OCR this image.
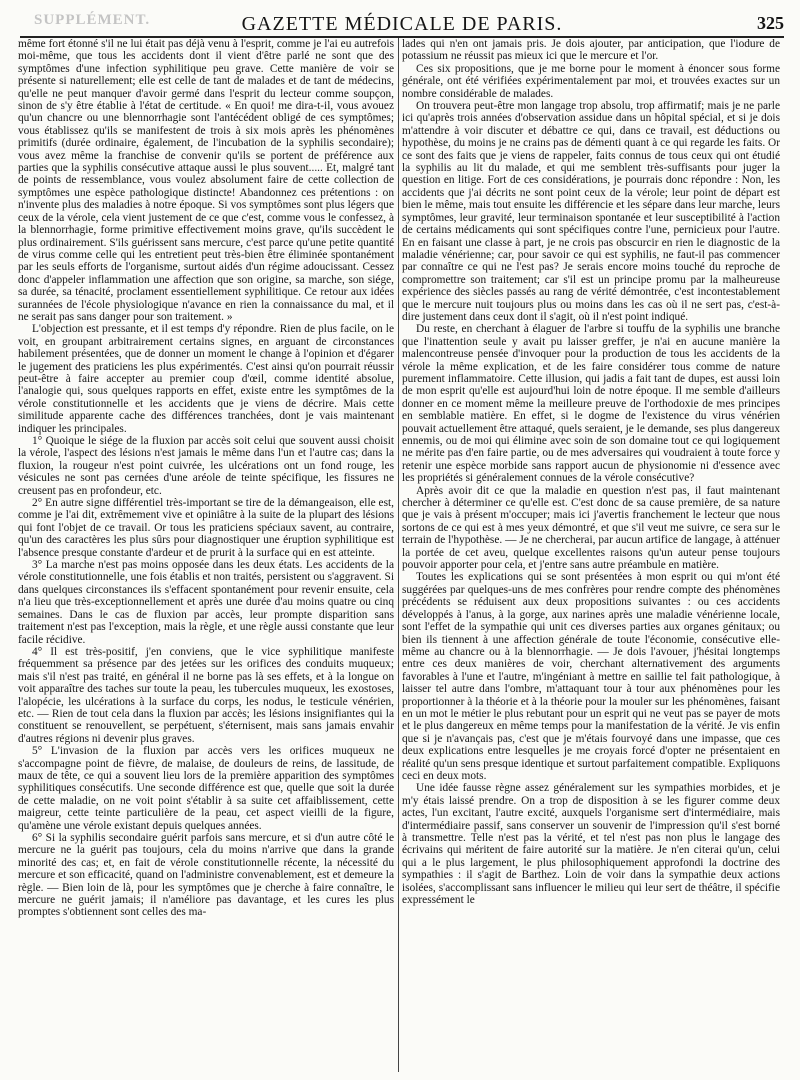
SUPPLÉMENT.	GAZETTE MÉDICALE DE PARIS.	325

même fort étonné s'il ne lui était pas déjà venu à l'esprit, comme je l'ai eu autrefois moi-même, que tous les accidents dont il vient d'être parlé ne sont que des symptômes d'une infection syphilitique peu grave. Cette manière de voir se présente si naturellement; elle est celle de tant de malades et de tant de médecins, qu'elle ne peut manquer d'avoir germé dans l'esprit du lecteur comme soupçon, sinon de s'y être établie à l'état de certitude. « En quoi! me dira-t-il, vous avouez qu'un chancre ou une blennorrhagie sont l'antécédent obligé de ces symptômes; vous établissez qu'ils se manifestent de trois à six mois après les phénomènes primitifs (durée ordinaire, également, de l'incubation de la syphilis secondaire); vous avez même la franchise de convenir qu'ils se portent de préférence aux parties que la syphilis consécutive attaque aussi le plus souvent..... Et, malgré tant de points de ressemblance, vous voulez absolument faire de cette collection de symptômes une espèce pathologique distincte! Abandonnez ces prétentions : on n'invente plus des maladies à notre époque. Si vos symptômes sont plus légers que ceux de la vérole, cela vient justement de ce que c'est, comme vous le confessez, à la blennorrhagie, forme primitive effectivement moins grave, qu'ils succèdent le plus ordinairement. S'ils guérissent sans mercure, c'est parce qu'une petite quantité de virus comme celle qui les entretient peut très-bien être éliminée spontanément par les seuls efforts de l'organisme, surtout aidés d'un régime adoucissant. Cessez donc d'appeler inflammation une affection que son origine, sa marche, son siége, sa durée, sa ténacité, proclament essentiellement syphilitique. Ce retour aux idées surannées de l'école physiologique n'avance en rien la connaissance du mal, et il ne serait pas sans danger pour son traitement. »

L'objection est pressante, et il est temps d'y répondre. Rien de plus facile, on le voit, en groupant arbitrairement certains signes, en arguant de circonstances habilement présentées, que de donner un moment le change à l'opinion et d'égarer le jugement des praticiens les plus expérimentés. C'est ainsi qu'on pourrait réussir peut-être à faire accepter au premier coup d'œil, comme identité absolue, l'analogie qui, sous quelques rapports en effet, existe entre les symptômes de la vérole constitutionnelle et les accidents que je viens de décrire. Mais cette similitude apparente cache des différences tranchées, dont je vais maintenant indiquer les principales.

1° Quoique le siége de la fluxion par accès soit celui que souvent aussi choisit la vérole, l'aspect des lésions n'est jamais le même dans l'un et l'autre cas; dans la fluxion, la rougeur n'est point cuivrée, les ulcérations ont un fond rouge, les vésicules ne sont pas cernées d'une aréole de teinte spécifique, les fissures ne creusent pas en profondeur, etc.

2° En autre signe différentiel très-important se tire de la démangeaison, elle est, comme je l'ai dit, extrêmement vive et opiniâtre à la suite de la plupart des lésions qui font l'objet de ce travail. Or tous les praticiens spéciaux savent, au contraire, qu'un des caractères les plus sûrs pour diagnostiquer une éruption syphilitique est l'absence presque constante d'ardeur et de prurit à la surface qui en est atteinte.

3° La marche n'est pas moins opposée dans les deux états. Les accidents de la vérole constitutionnelle, une fois établis et non traités, persistent ou s'aggravent. Si dans quelques circonstances ils s'effacent spontanément pour revenir ensuite, cela n'a lieu que très-exceptionnellement et après une durée d'au moins quatre ou cinq semaines. Dans le cas de fluxion par accès, leur prompte disparition sans traitement n'est pas l'exception, mais la règle, et une règle aussi constante que leur facile récidive.

4° Il est très-positif, j'en conviens, que le vice syphilitique manifeste fréquemment sa présence par des jetées sur les orifices des conduits muqueux; mais s'il n'est pas traité, en général il ne borne pas là ses effets, et à la longue on voit apparaître des taches sur toute la peau, les tubercules muqueux, les exostoses, l'alopécie, les ulcérations à la surface du corps, les nodus, le testicule vénérien, etc. — Rien de tout cela dans la fluxion par accès; les lésions insignifiantes qui la constituent se renouvellent, se perpétuent, s'éternisent, mais sans jamais envahir d'autres régions ni devenir plus graves.

5° L'invasion de la fluxion par accès vers les orifices muqueux ne s'accompagne point de fièvre, de malaise, de douleurs de reins, de lassitude, de maux de tête, ce qui a souvent lieu lors de la première apparition des symptômes syphilitiques consécutifs. Une seconde différence est que, quelle que soit la durée de cette maladie, on ne voit point s'établir à sa suite cet affaiblissement, cette maigreur, cette teinte particulière de la peau, cet aspect vieilli de la figure, qu'amène une vérole existant depuis quelques années.

6° Si la syphilis secondaire guérit parfois sans mercure, et si d'un autre côté le mercure ne la guérit pas toujours, cela du moins n'arrive que dans la grande minorité des cas; et, en fait de vérole constitutionnelle récente, la nécessité du mercure et son efficacité, quand on l'administre convenablement, est et demeure la règle. — Bien loin de là, pour les symptômes que je cherche à faire connaître, le mercure ne guérit jamais; il n'améliore pas davantage, et les cures les plus promptes s'obtiennent sont celles des ma-

lades qui n'en ont jamais pris. Je dois ajouter, par anticipation, que l'iodure de potassium ne réussit pas mieux ici que le mercure et l'or.

Ces six propositions, que je me borne pour le moment à énoncer sous forme générale, ont été vérifiées expérimentalement par moi, et trouvées exactes sur un nombre considérable de malades.

On trouvera peut-être mon langage trop absolu, trop affirmatif; mais je ne parle ici qu'après trois années d'observation assidue dans un hôpital spécial, et si je dois m'attendre à voir discuter et débattre ce qui, dans ce travail, est déductions ou hypothèse, du moins je ne crains pas de démenti quant à ce qui regarde les faits. Or ce sont des faits que je viens de rappeler, faits connus de tous ceux qui ont étudié la syphilis au lit du malade, et qui me semblent très-suffisants pour juger la question en litige. Fort de ces considérations, je pourrais donc répondre : Non, les accidents que j'ai décrits ne sont point ceux de la vérole; leur point de départ est bien le même, mais tout ensuite les différencie et les sépare dans leur marche, leurs symptômes, leur gravité, leur terminaison spontanée et leur susceptibilité à l'action de certains médicaments qui sont spécifiques contre l'une, pernicieux pour l'autre. En en faisant une classe à part, je ne crois pas obscurcir en rien le diagnostic de la maladie vénérienne; car, pour savoir ce qui est syphilis, ne faut-il pas commencer par connaître ce qui ne l'est pas? Je serais encore moins touché du reproche de compromettre son traitement; car s'il est un principe promu par la malheureuse expérience des siècles passés au rang de vérité démontrée, c'est incontestablement que le mercure nuit toujours plus ou moins dans les cas où il ne sert pas, c'est-à-dire justement dans ceux dont il s'agit, où il n'est point indiqué.

Du reste, en cherchant à élaguer de l'arbre si touffu de la syphilis une branche que l'inattention seule y avait pu laisser greffer, je n'ai en aucune manière la malencontreuse pensée d'invoquer pour la production de tous les accidents de la vérole la même explication, et de les faire considérer tous comme de nature purement inflammatoire. Cette illusion, qui jadis a fait tant de dupes, est aussi loin de mon esprit qu'elle est aujourd'hui loin de notre époque. Il me semble d'ailleurs donner en ce moment même la meilleure preuve de l'orthodoxie de mes principes en semblable matière. En effet, si le dogme de l'existence du virus vénérien pouvait actuellement être attaqué, quels seraient, je le demande, ses plus dangereux ennemis, ou de moi qui élimine avec soin de son domaine tout ce qui logiquement ne mérite pas d'en faire partie, ou de mes adversaires qui voudraient à toute force y retenir une espèce morbide sans rapport aucun de physionomie ni d'essence avec les propriétés si généralement connues de la vérole consécutive?

Après avoir dit ce que la maladie en question n'est pas, il faut maintenant chercher à déterminer ce qu'elle est. C'est donc de sa cause première, de sa nature que je vais à présent m'occuper; mais ici j'avertis franchement le lecteur que nous sortons de ce qui est à mes yeux démontré, et que s'il veut me suivre, ce sera sur le terrain de l'hypothèse. — Je ne chercherai, par aucun artifice de langage, à atténuer la portée de cet aveu, quelque excellentes raisons qu'un auteur pense toujours pouvoir apporter pour cela, et j'entre sans autre préambule en matière.

Toutes les explications qui se sont présentées à mon esprit ou qui m'ont été suggérées par quelques-uns de mes confrères pour rendre compte des phénomènes précédents se réduisent aux deux propositions suivantes : ou ces accidents développés à l'anus, à la gorge, aux narines après une maladie vénérienne locale, sont l'effet de la sympathie qui unit ces diverses parties aux organes génitaux; ou bien ils tiennent à une affection générale de toute l'économie, consécutive elle-même au chancre ou à la blennorrhagie. — Je dois l'avouer, j'hésitai longtemps entre ces deux manières de voir, cherchant alternativement des arguments favorables à l'une et l'autre, m'ingéniant à mettre en saillie tel fait pathologique, à laisser tel autre dans l'ombre, m'attaquant tour à tour aux phénomènes pour les proportionner à la théorie et à la théorie pour la mouler sur les phénomènes, faisant en un mot le métier le plus rebutant pour un esprit qui ne veut pas se payer de mots et le plus dangereux en même temps pour la manifestation de la vérité. Je vis enfin que si je n'avançais pas, c'est que je m'étais fourvoyé dans une impasse, que ces deux explications entre lesquelles je me croyais forcé d'opter ne présentaient en réalité qu'un sens presque identique et surtout parfaitement compatible. Expliquons ceci en deux mots.

Une idée fausse règne assez généralement sur les sympathies morbides, et je m'y étais laissé prendre. On a trop de disposition à se les figurer comme deux actes, l'un excitant, l'autre excité, auxquels l'organisme sert d'intermédiaire, mais d'intermédiaire passif, sans conserver un souvenir de l'impression qu'il s'est borné à transmettre. Telle n'est pas la vérité, et tel n'est pas non plus le langage des écrivains qui méritent de faire autorité sur la matière. Je n'en citerai qu'un, celui qui a le plus largement, le plus philosophiquement approfondi la doctrine des sympathies : il s'agit de Barthez. Loin de voir dans la sympathie deux actions isolées, s'accomplissant sans influencer le milieu qui leur sert de théâtre, il spécifie expressément le
